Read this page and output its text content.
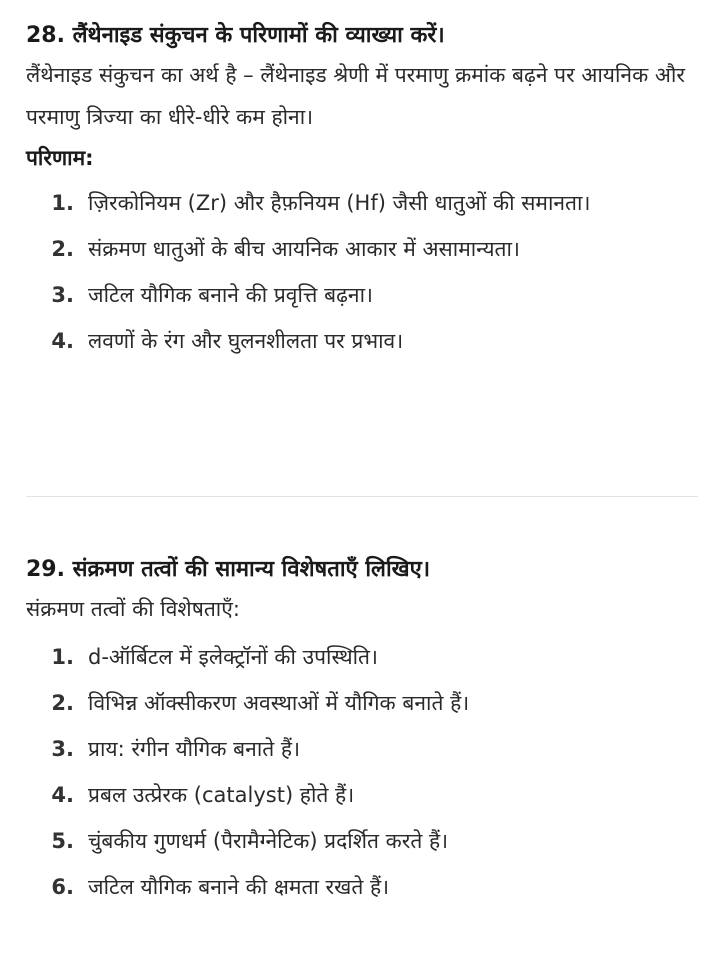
28. लैंथेनाइड संकुचन के परिणामों की व्याख्या करें।

लैंथेनाइड संकुचन का अर्थ है – लैंथेनाइड श्रेणी में परमाणु क्रमांक बढ़ने पर आयनिक और परमाणु त्रिज्या का धीरे-धीरे कम होना।

परिणाम:

1. ज़िरकोनियम (Zr) और हैफ़नियम (Hf) जैसी धातुओं की समानता।
2. संक्रमण धातुओं के बीच आयनिक आकार में असामान्यता।
3. जटिल यौगिक बनाने की प्रवृत्ति बढ़ना।
4. लवणों के रंग और घुलनशीलता पर प्रभाव।
29. संक्रमण तत्वों की सामान्य विशेषताएँ लिखिए।

संक्रमण तत्वों की विशेषताएँ:

1. d-ऑर्बिटल में इलेक्ट्रॉनों की उपस्थिति।
2. विभिन्न ऑक्सीकरण अवस्थाओं में यौगिक बनाते हैं।
3. प्राय: रंगीन यौगिक बनाते हैं।
4. प्रबल उत्प्रेरक (catalyst) होते हैं।
5. चुंबकीय गुणधर्म (पैरामैग्नेटिक) प्रदर्शित करते हैं।
6. जटिल यौगिक बनाने की क्षमता रखते हैं।
